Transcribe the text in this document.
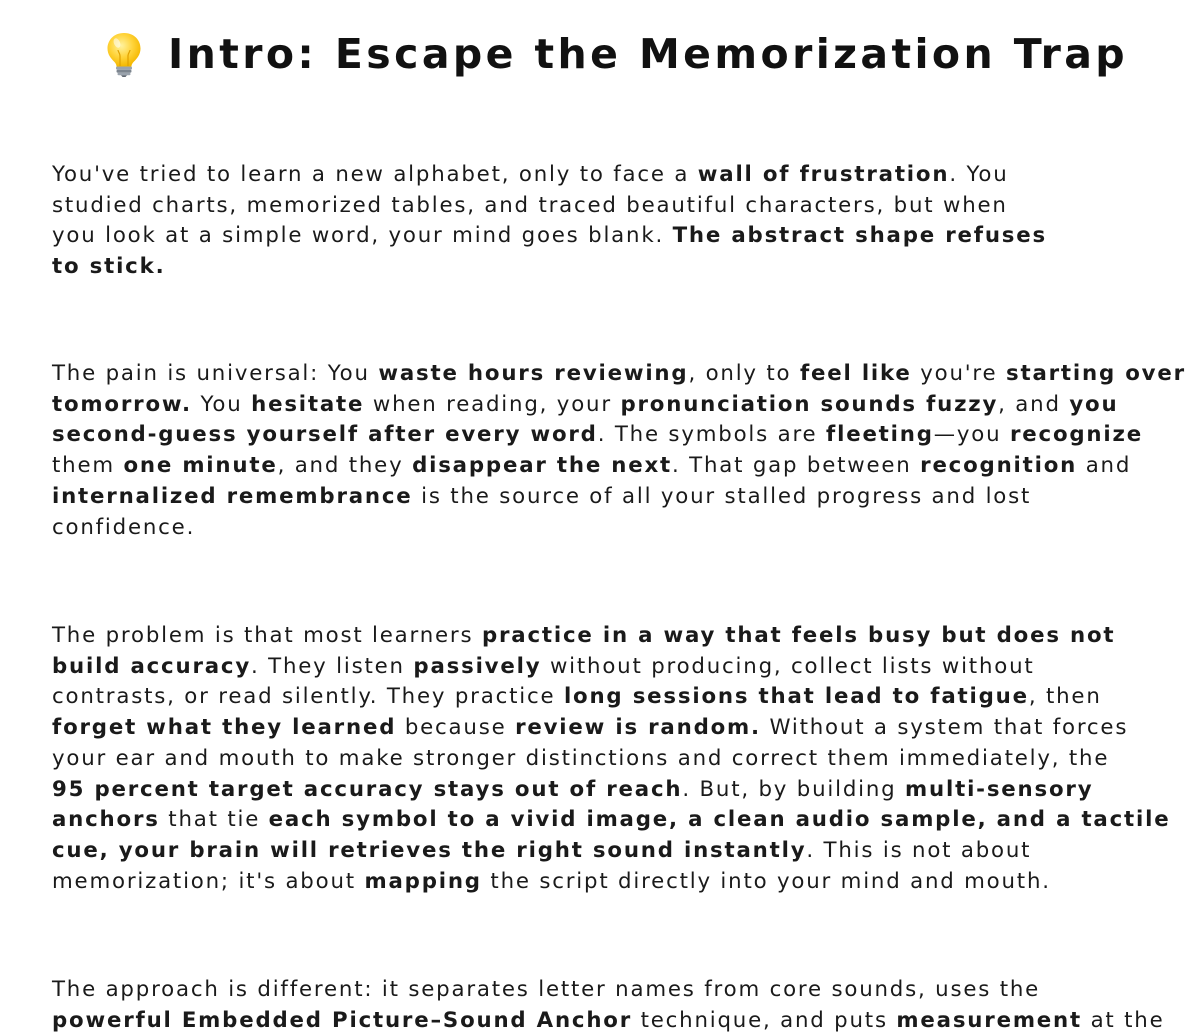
Intro: Escape the Memorization Trap
You've tried to learn a new alphabet, only to face a wall of frustration. You
studied charts, memorized tables, and traced beautiful characters, but when
you look at a simple word, your mind goes blank. The abstract shape refuses
to stick.
The pain is universal: You waste hours reviewing, only to feel like you're starting over
tomorrow. You hesitate when reading, your pronunciation sounds fuzzy, and you
second-guess yourself after every word. The symbols are fleeting—you recognize
them one minute, and they disappear the next. That gap between recognition and
internalized remembrance is the source of all your stalled progress and lost
confidence.
The problem is that most learners practice in a way that feels busy but does not
build accuracy. They listen passively without producing, collect lists without
contrasts, or read silently. They practice long sessions that lead to fatigue, then
forget what they learned because review is random. Without a system that forces
your ear and mouth to make stronger distinctions and correct them immediately, the
95 percent target accuracy stays out of reach. But, by building multi-sensory
anchors that tie each symbol to a vivid image, a clean audio sample, and a tactile
cue, your brain will retrieves the right sound instantly. This is not about
memorization; it's about mapping the script directly into your mind and mouth.
The approach is different: it separates letter names from core sounds, uses the
powerful Embedded Picture–Sound Anchor technique, and puts measurement at the
